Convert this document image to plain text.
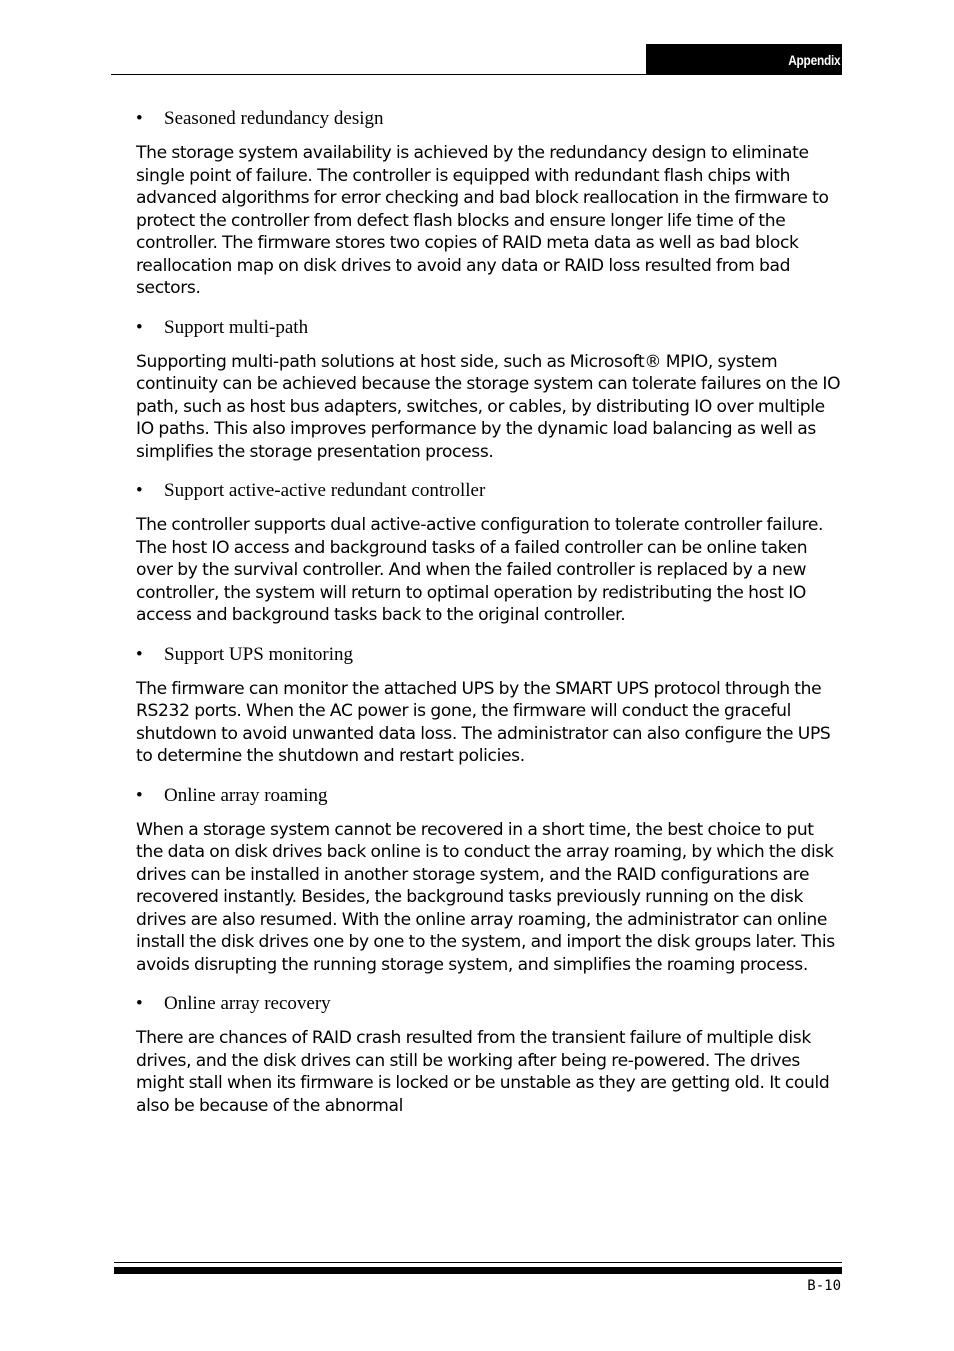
Appendix

• Seasoned redundancy design

The storage system availability is achieved by the redundancy design to eliminate single point of failure. The controller is equipped with redundant flash chips with advanced algorithms for error checking and bad block reallocation in the firmware to protect the controller from defect flash blocks and ensure longer life time of the controller. The firmware stores two copies of RAID meta data as well as bad block reallocation map on disk drives to avoid any data or RAID loss resulted from bad sectors.

• Support multi-path

Supporting multi-path solutions at host side, such as Microsoft® MPIO, system continuity can be achieved because the storage system can tolerate failures on the IO path, such as host bus adapters, switches, or cables, by distributing IO over multiple IO paths. This also improves performance by the dynamic load balancing as well as simplifies the storage presentation process.

• Support active-active redundant controller

The controller supports dual active-active configuration to tolerate controller failure. The host IO access and background tasks of a failed controller can be online taken over by the survival controller. And when the failed controller is replaced by a new controller, the system will return to optimal operation by redistributing the host IO access and background tasks back to the original controller.

• Support UPS monitoring

The firmware can monitor the attached UPS by the SMART UPS protocol through the RS232 ports. When the AC power is gone, the firmware will conduct the graceful shutdown to avoid unwanted data loss. The administrator can also configure the UPS to determine the shutdown and restart policies.

• Online array roaming

When a storage system cannot be recovered in a short time, the best choice to put the data on disk drives back online is to conduct the array roaming, by which the disk drives can be installed in another storage system, and the RAID configurations are recovered instantly. Besides, the background tasks previously running on the disk drives are also resumed. With the online array roaming, the administrator can online install the disk drives one by one to the system, and import the disk groups later. This avoids disrupting the running storage system, and simplifies the roaming process.

• Online array recovery

There are chances of RAID crash resulted from the transient failure of multiple disk drives, and the disk drives can still be working after being re-powered. The drives might stall when its firmware is locked or be unstable as they are getting old. It could also be because of the abnormal

B-10
